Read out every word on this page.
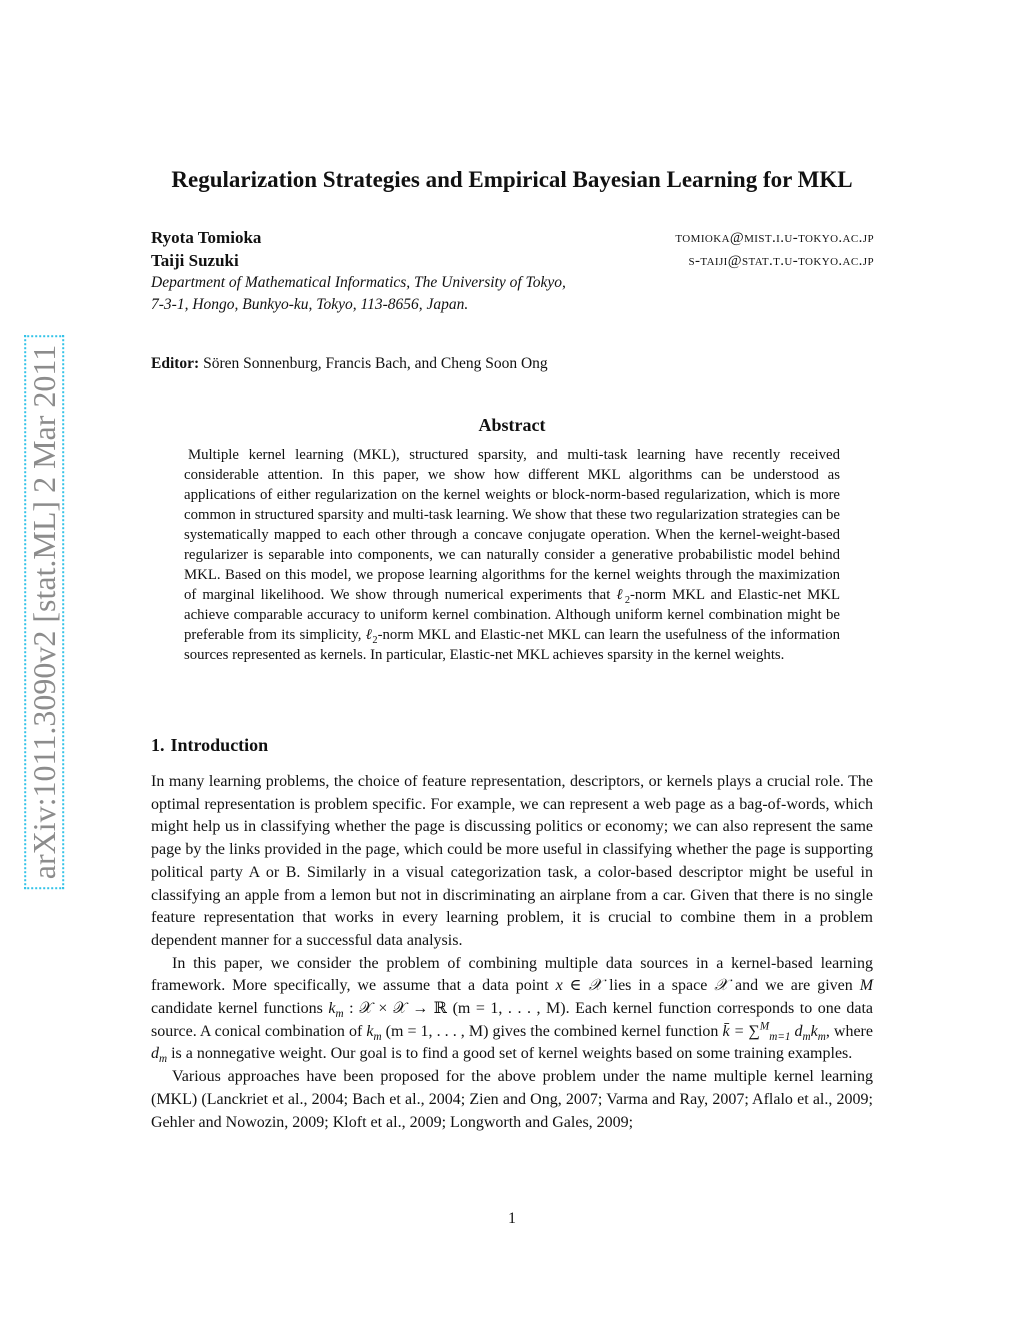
arXiv:1011.3090v2 [stat.ML] 2 Mar 2011
Regularization Strategies and Empirical Bayesian Learning for MKL
Ryota Tomioka	tomioka@mist.i.u-tokyo.ac.jp
Taiji Suzuki	s-taiji@stat.t.u-tokyo.ac.jp
Department of Mathematical Informatics, The University of Tokyo,
7-3-1, Hongo, Bunkyo-ku, Tokyo, 113-8656, Japan.
Editor: Sören Sonnenburg, Francis Bach, and Cheng Soon Ong
Abstract
Multiple kernel learning (MKL), structured sparsity, and multi-task learning have recently received considerable attention. In this paper, we show how different MKL algorithms can be understood as applications of either regularization on the kernel weights or block-norm-based regularization, which is more common in structured sparsity and multi-task learning. We show that these two regularization strategies can be systematically mapped to each other through a concave conjugate operation. When the kernel-weight-based regularizer is separable into components, we can naturally consider a generative probabilistic model behind MKL. Based on this model, we propose learning algorithms for the kernel weights through the maximization of marginal likelihood. We show through numerical experiments that ℓ$_2$-norm MKL and Elastic-net MKL achieve comparable accuracy to uniform kernel combination. Although uniform kernel combination might be preferable from its simplicity, ℓ$_2$-norm MKL and Elastic-net MKL can learn the usefulness of the information sources represented as kernels. In particular, Elastic-net MKL achieves sparsity in the kernel weights.
1. Introduction

In many learning problems, the choice of feature representation, descriptors, or kernels plays a crucial role. The optimal representation is problem specific. For example, we can represent a web page as a bag-of-words, which might help us in classifying whether the page is discussing politics or economy; we can also represent the same page by the links provided in the page, which could be more useful in classifying whether the page is supporting political party A or B. Similarly in a visual categorization task, a color-based descriptor might be useful in classifying an apple from a lemon but not in discriminating an airplane from a car. Given that there is no single feature representation that works in every learning problem, it is crucial to combine them in a problem dependent manner for a successful data analysis.

In this paper, we consider the problem of combining multiple data sources in a kernel-based learning framework. More specifically, we assume that a data point x ∈ 𝒳 lies in a space 𝒳 and we are given M candidate kernel functions $k_m$ : 𝒳 × 𝒳 → ℝ (m = 1, . . . , M). Each kernel function corresponds to one data source. A conical combination of $k_m$ (m = 1, . . . , M) gives the combined kernel function k̄ = ∑$^M_{m=1}$ $d_mk_m$, where $d_m$ is a nonnegative weight. Our goal is to find a good set of kernel weights based on some training examples.

Various approaches have been proposed for the above problem under the name multiple kernel learning (MKL) (Lanckriet et al., 2004; Bach et al., 2004; Zien and Ong, 2007; Varma and Ray, 2007; Aflalo et al., 2009; Gehler and Nowozin, 2009; Kloft et al., 2009; Longworth and Gales, 2009;

1
